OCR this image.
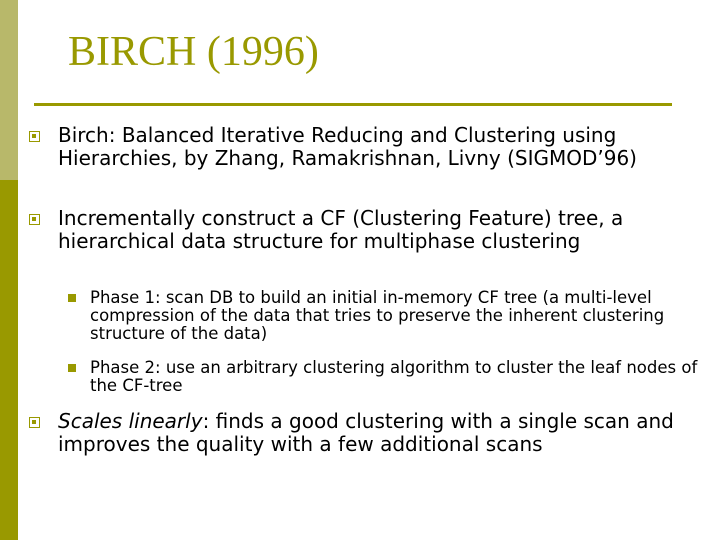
BIRCH (1996)
Birch: Balanced Iterative Reducing and Clustering using Hierarchies, by Zhang, Ramakrishnan, Livny (SIGMOD’96)
Incrementally construct a CF (Clustering Feature) tree, a hierarchical data structure for multiphase clustering
Phase 1: scan DB to build an initial in-memory CF tree (a multi-level compression of the data that tries to preserve the inherent clustering structure of the data)
Phase 2: use an arbitrary clustering algorithm to cluster the leaf nodes of the CF-tree
Scales linearly: finds a good clustering with a single scan and improves the quality with a few additional scans
